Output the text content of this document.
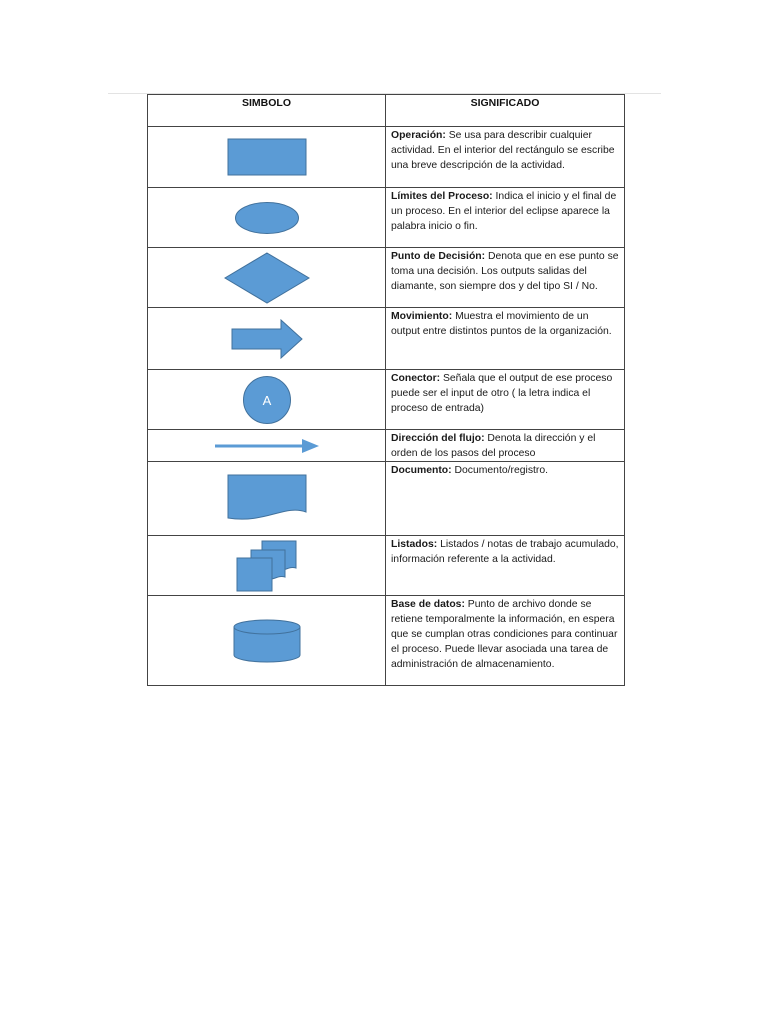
SIMBOLO	SIGNIFICADO

	Operación: Se usa para describir cualquier actividad. En el interior del rectángulo se escribe una breve descripción de la actividad.

	Límites del Proceso: Indica el inicio y el final de un proceso. En el interior del eclipse aparece la palabra inicio o fin.

	Punto de Decisión: Denota que en ese punto se toma una decisión. Los outputs salidas del diamante, son siempre dos y del tipo SI / No.

	Movimiento: Muestra el movimiento de un output entre distintos puntos de la organización.

A	Conector: Señala que el output de ese proceso puede ser el input de otro ( la letra indica el proceso de entrada)

	Dirección del flujo: Denota la dirección y el orden de los pasos del proceso

	Documento: Documento/registro.

	Listados: Listados / notas de trabajo acumulado, información referente a la actividad.

	Base de datos: Punto de archivo donde se retiene temporalmente la información, en espera que se cumplan otras condiciones para continuar el proceso. Puede llevar asociada una tarea de administración de almacenamiento.
